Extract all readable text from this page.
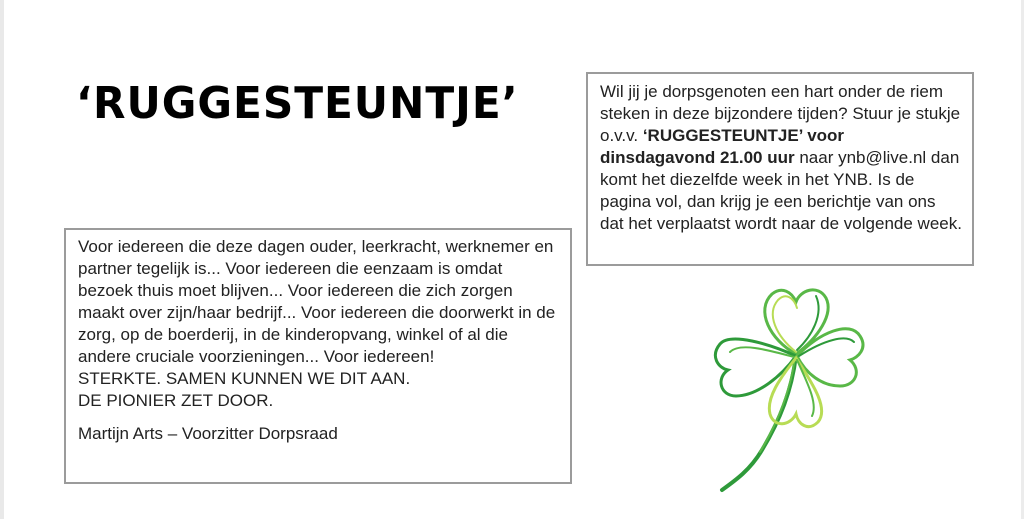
‘RUGGESTEUNTJE’	Wil jij je dorpsgenoten een hart onder de riem steken in deze bijzondere tijden? Stuur je stukje o.v.v. ‘RUGGESTEUNTJE’ voor dinsdagavond 21.00 uur naar ynb@live.nl dan komt het diezelfde week in het YNB. Is de pagina vol, dan krijg je een berichtje van ons dat het verplaatst wordt naar de volgende week.

Voor iedereen die deze dagen ouder, leerkracht, werknemer en partner tegelijk is... Voor iedereen die eenzaam is omdat bezoek thuis moet blijven... Voor iedereen die zich zorgen maakt over zijn/haar bedrijf... Voor iedereen die doorwerkt in de zorg, op de boerderij, in de kinderopvang, winkel of al die andere cruciale voorzieningen... Voor iedereen!

STERKTE. SAMEN KUNNEN WE DIT AAN.

DE PIONIER ZET DOOR.

Martijn Arts – Voorzitter Dorpsraad
